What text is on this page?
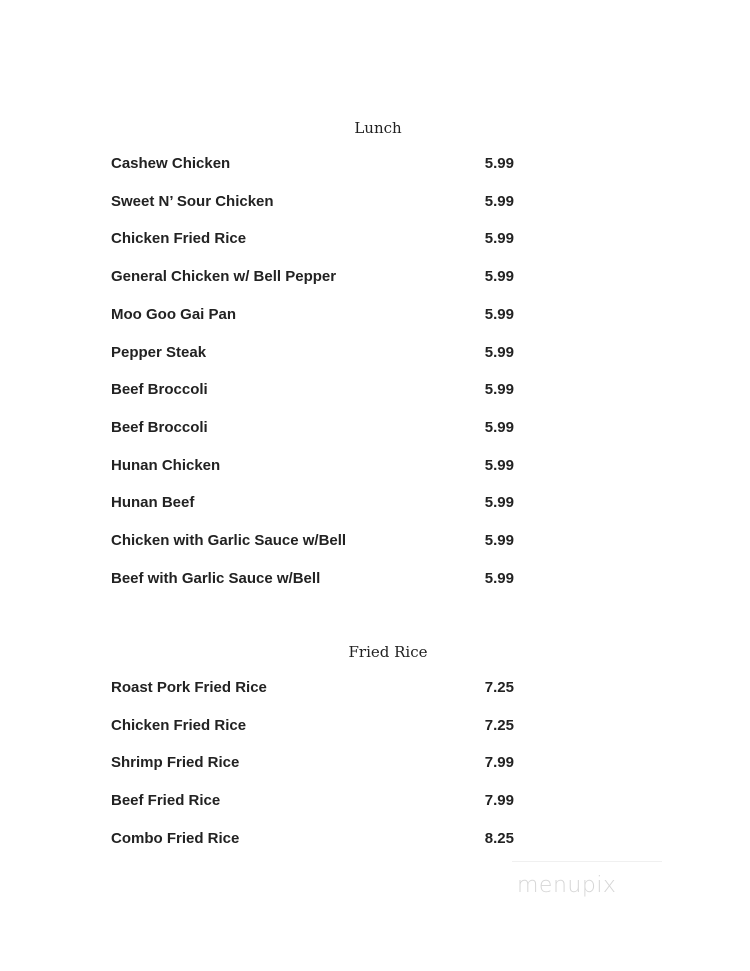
Lunch
Cashew Chicken	5.99
Sweet N’ Sour Chicken	5.99
Chicken Fried Rice	5.99
General Chicken w/ Bell Pepper	5.99
Moo Goo Gai Pan	5.99
Pepper Steak	5.99
Beef Broccoli	5.99
Beef Broccoli	5.99
Hunan Chicken	5.99
Hunan Beef	5.99
Chicken with Garlic Sauce w/Bell	5.99
Beef with Garlic Sauce w/Bell	5.99
Fried Rice
Roast Pork Fried Rice	7.25
Chicken Fried Rice	7.25
Shrimp Fried Rice	7.99
Beef Fried Rice	7.99
Combo Fried Rice	8.25
menupix
